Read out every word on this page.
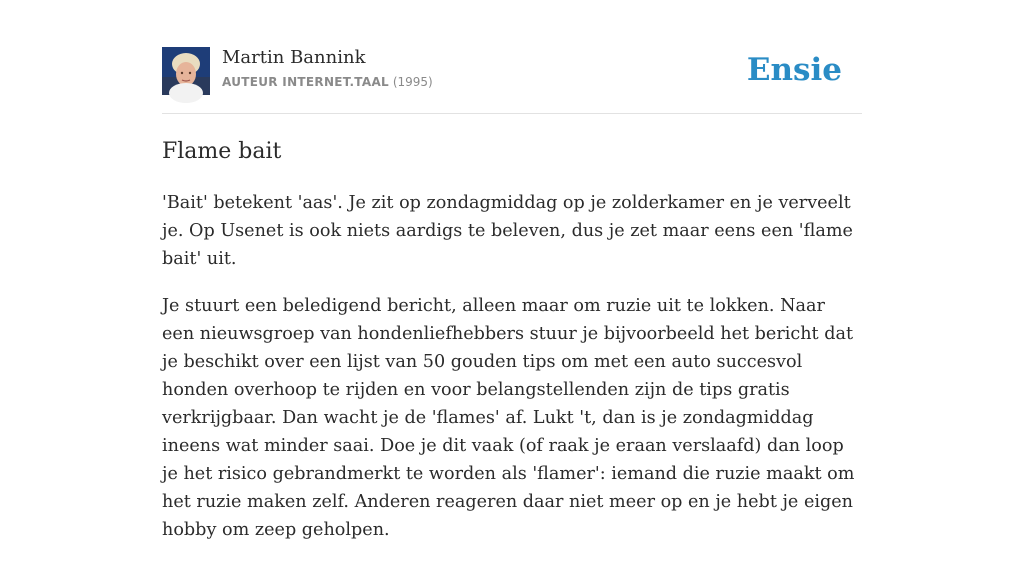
Martin Bannink
AUTEUR INTERNET.TAAL (1995)	Ensie
Flame bait

'Bait' betekent 'aas'. Je zit op zondagmiddag op je zolderkamer en je verveelt je. Op Usenet is ook niets aardigs te beleven, dus je zet maar eens een 'flame bait' uit.

Je stuurt een beledigend bericht, alleen maar om ruzie uit te lokken. Naar een nieuwsgroep van hondenliefhebbers stuur je bijvoorbeeld het bericht dat je beschikt over een lijst van 50 gouden tips om met een auto succesvol honden overhoop te rijden en voor belangstellenden zijn de tips gratis verkrijgbaar. Dan wacht je de 'flames' af. Lukt 't, dan is je zondagmiddag ineens wat minder saai. Doe je dit vaak (of raak je eraan verslaafd) dan loop je het risico gebrandmerkt te worden als 'flamer': iemand die ruzie maakt om het ruzie maken zelf. Anderen reageren daar niet meer op en je hebt je eigen hobby om zeep geholpen.
